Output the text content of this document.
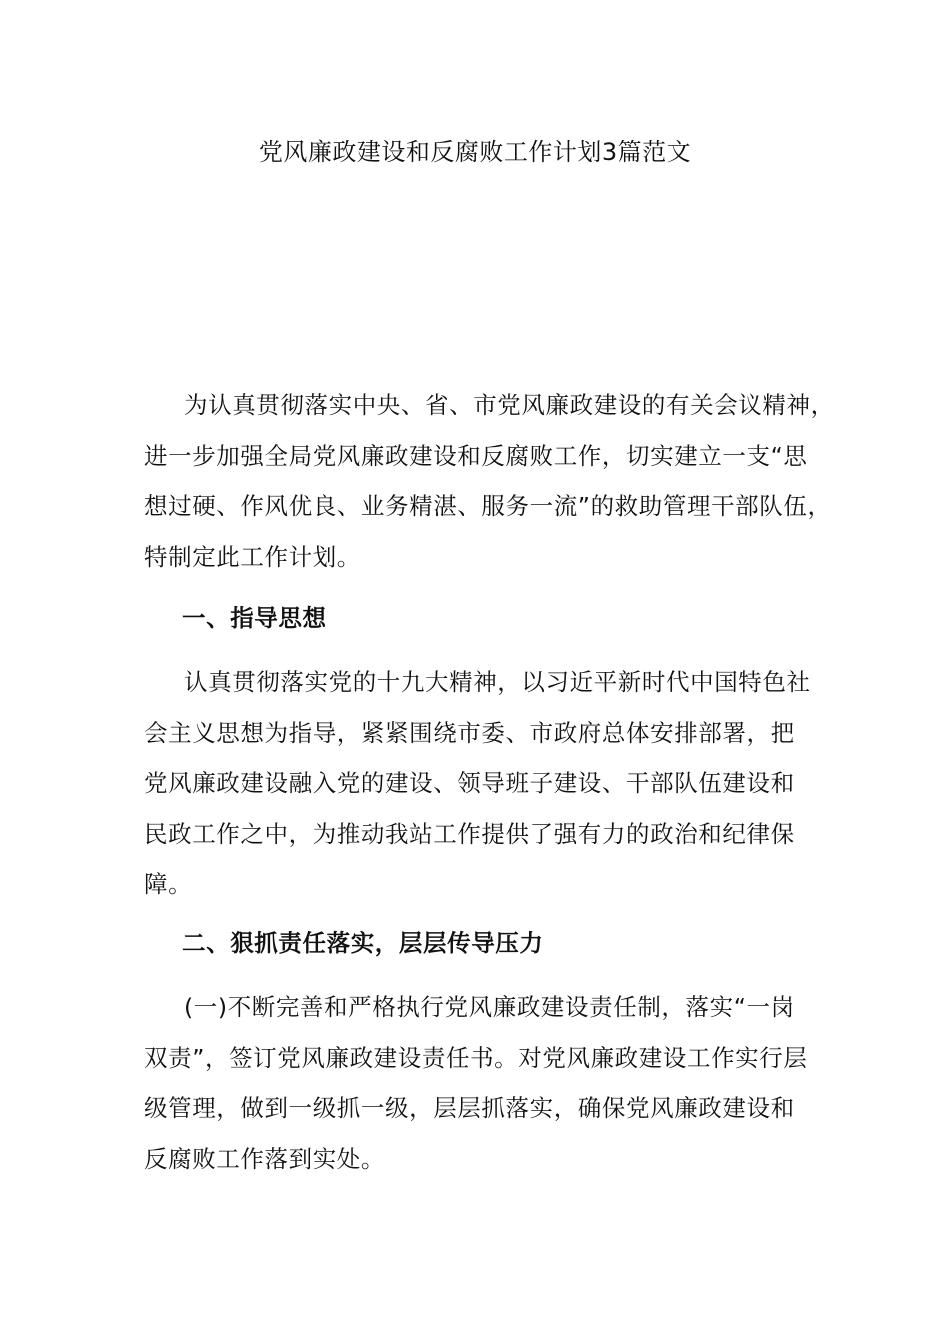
党风廉政建设和反腐败工作计划3篇范文

为认真贯彻落实中央、省、市党风廉政建设的有关会议精神，
进一步加强全局党风廉政建设和反腐败工作，切实建立一支“思
想过硬、作风优良、业务精湛、服务一流”的救助管理干部队伍，
特制定此工作计划。

一、指导思想

认真贯彻落实党的十九大精神，以习近平新时代中国特色社
会主义思想为指导，紧紧围绕市委、市政府总体安排部署，把
党风廉政建设融入党的建设、领导班子建设、干部队伍建设和
民政工作之中，为推动我站工作提供了强有力的政治和纪律保
障。

二、狠抓责任落实，层层传导压力

(一)不断完善和严格执行党风廉政建设责任制，落实“一岗
双责”，签订党风廉政建设责任书。对党风廉政建设工作实行层
级管理，做到一级抓一级，层层抓落实，确保党风廉政建设和
反腐败工作落到实处。
